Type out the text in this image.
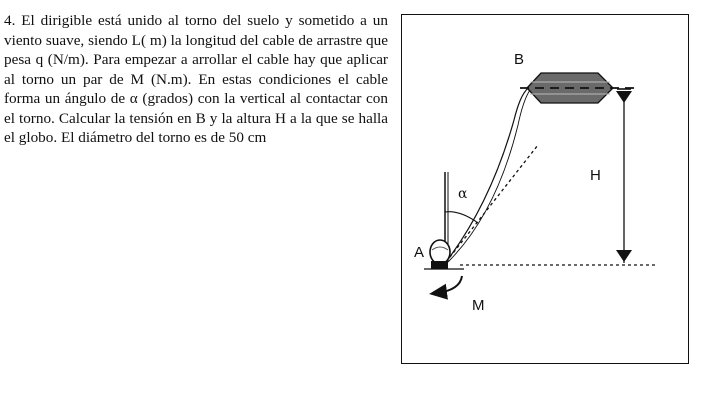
4. El dirigible está unido al torno del suelo y sometido a un viento suave, siendo L( m) la longitud del cable de arrastre que pesa q (N/m). Para empezar a arrollar el cable hay que aplicar al torno un par de M (N.m). En estas condiciones el cable forma un ángulo de α (grados) con la vertical al contactar con el torno. Calcular la tensión en B y la altura H a la que se halla el globo. El diámetro del torno es de 50 cm

B
A
H
M
α
